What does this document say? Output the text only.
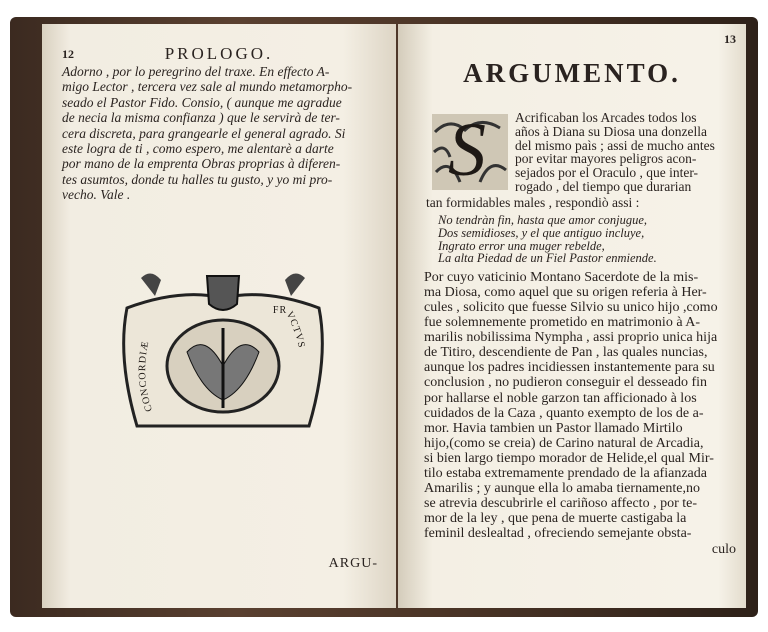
12	PROLOGO.
Adorno , por lo peregrino del traxe. En effecto A-
migo Lector , tercera vez sale al mundo metamorpho-
seado el Pastor Fido. Consio, ( aunque me agradue
de necia la misma confianza ) que le servirà de ter-
cera discreta, para grangearle el general agrado. Si
este logra de ti , como espero, me alentarè a darte
por mano de la emprenta Obras proprias à diferen-
tes asumtos, donde tu halles tu gusto, y yo mi pro-
vecho. Vale .
CONCORDIÆ FRVCTVS
ARGU-
13
ARGUMENTO.
S Acrificaban los Arcades todos los
años à Diana su Diosa una donzella
del mismo paìs ; assi de mucho antes
por evitar mayores peligros acon-
sejados por el Oraculo , que inter-
rogado , del tiempo que durarian
tan formidables males , respondiò assi :
No tendràn fin, hasta que amor conjugue,
Dos semidioses, y el que antiguo incluye,
Ingrato error una muger rebelde,
La alta Piedad de un Fiel Pastor enmiende.
Por cuyo vaticinio Montano Sacerdote de la mis-
ma Diosa, como aquel que su origen referia à Her-
cules , solicito que fuesse Silvio su unico hijo ,como
fue solemnemente prometido en matrimonio à A-
marilis nobilissima Nympha , assi proprio unica hija
de Titiro, descendiente de Pan , las quales nuncias,
aunque los padres incidiessen instantemente para su
conclusion , no pudieron conseguir el desseado fin
por hallarse el noble garzon tan afficionado à los
cuidados de la Caza , quanto exempto de los de a-
mor. Havia tambien un Pastor llamado Mirtilo
hijo,(como se creia) de Carino natural de Arcadia,
si bien largo tiempo morador de Helide,el qual Mir-
tilo estaba extremamente prendado de la afianzada
Amarilis ; y aunque ella lo amaba tiernamente,no
se atrevia descubrirle el cariñoso affecto , por te-
mor de la ley , que pena de muerte castigaba la
feminil deslealtad , ofreciendo semejante obsta-
culo
